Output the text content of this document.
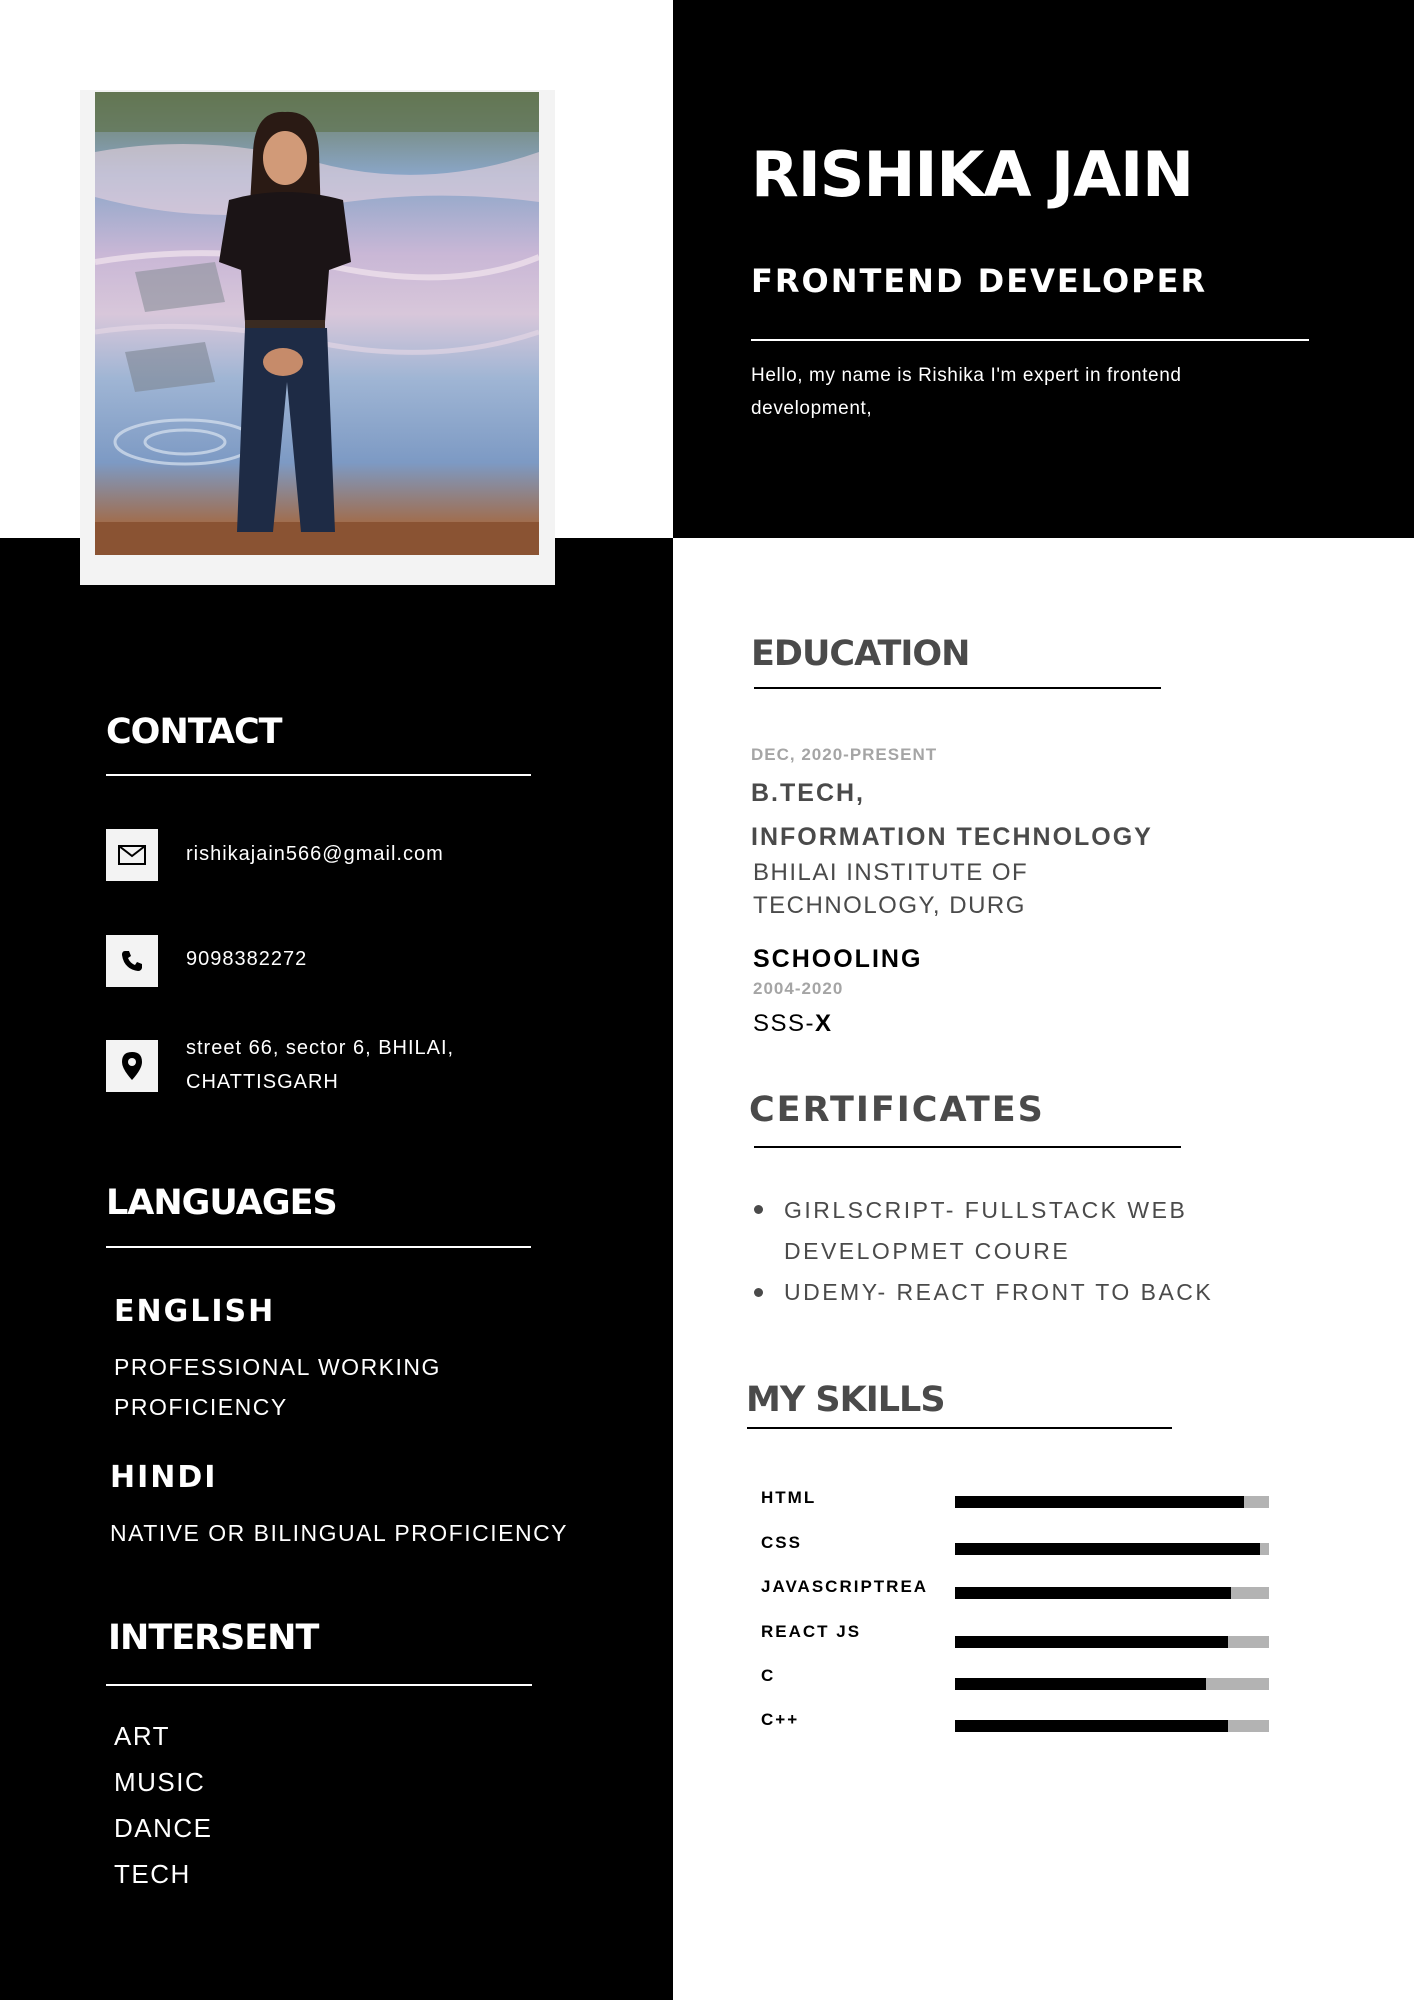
RISHIKA JAIN
FRONTEND DEVELOPER
Hello, my name is Rishika I'm expert in frontend development,
CONTACT
rishikajain566@gmail.com
9098382272
street 66, sector 6, BHILAI, CHATTISGARH
LANGUAGES
ENGLISH
PROFESSIONAL WORKING PROFICIENCY
HINDI
NATIVE OR BILINGUAL PROFICIENCY
INTERSENT
ART
MUSIC
DANCE
TECH
EDUCATION
DEC, 2020-PRESENT
B.TECH,
INFORMATION TECHNOLOGY
BHILAI INSTITUTE OF TECHNOLOGY, DURG
SCHOOLING
2004-2020
SSS-X
CERTIFICATES
GIRLSCRIPT- FULLSTACK WEB DEVELOPMET COURE
UDEMY- REACT FRONT TO BACK
MY SKILLS
HTML
CSS
JAVASCRIPTREA
REACT JS
C
C++
